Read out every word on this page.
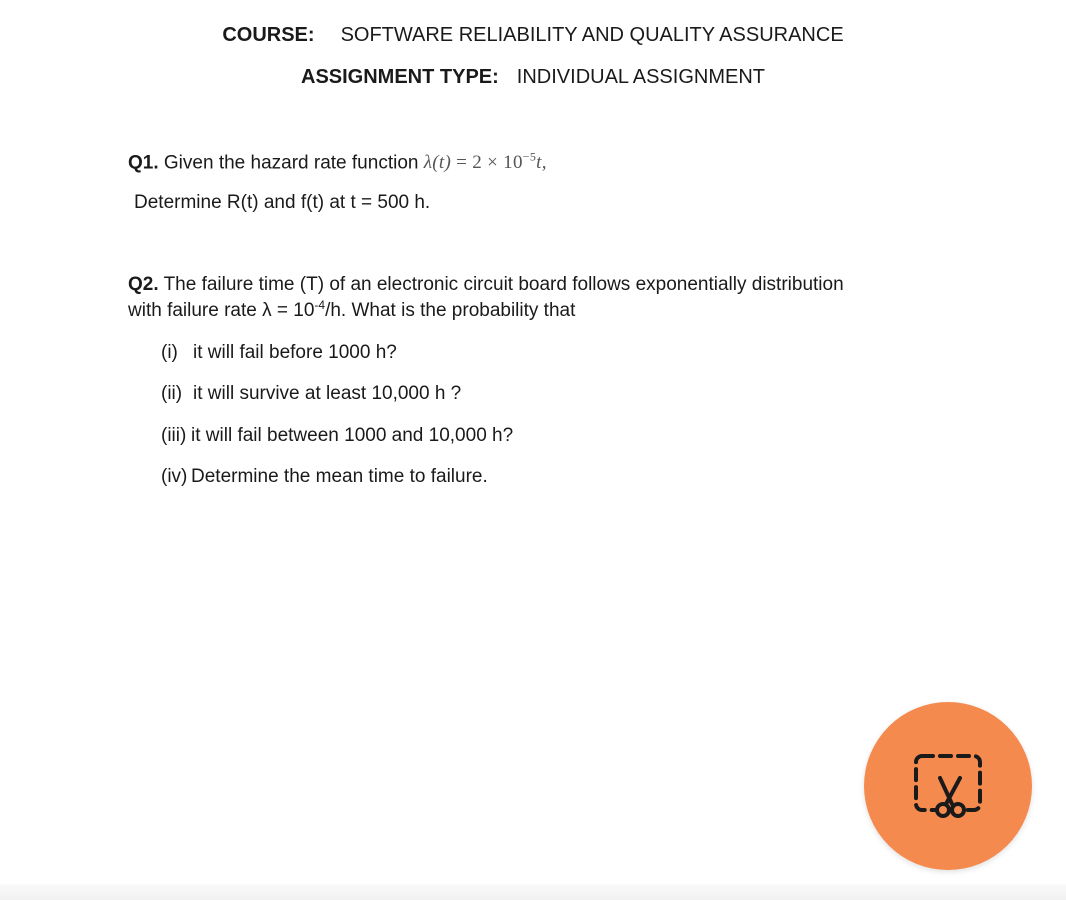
COURSE: SOFTWARE RELIABILITY AND QUALITY ASSURANCE
ASSIGNMENT TYPE: INDIVIDUAL ASSIGNMENT
Q1. Given the hazard rate function $\lambda(t) = 2 \times 10^{-5}t$,
Determine R(t) and f(t) at t = 500 h.
Q2. The failure time (T) of an electronic circuit board follows exponentially distribution
with failure rate $\lambda = 10^{-4}/h$. What is the probability that
(i) it will fail before 1000 h?
(ii) it will survive at least 10,000 h ?
(iii) it will fail between 1000 and 10,000 h?
(iv) Determine the mean time to failure.
